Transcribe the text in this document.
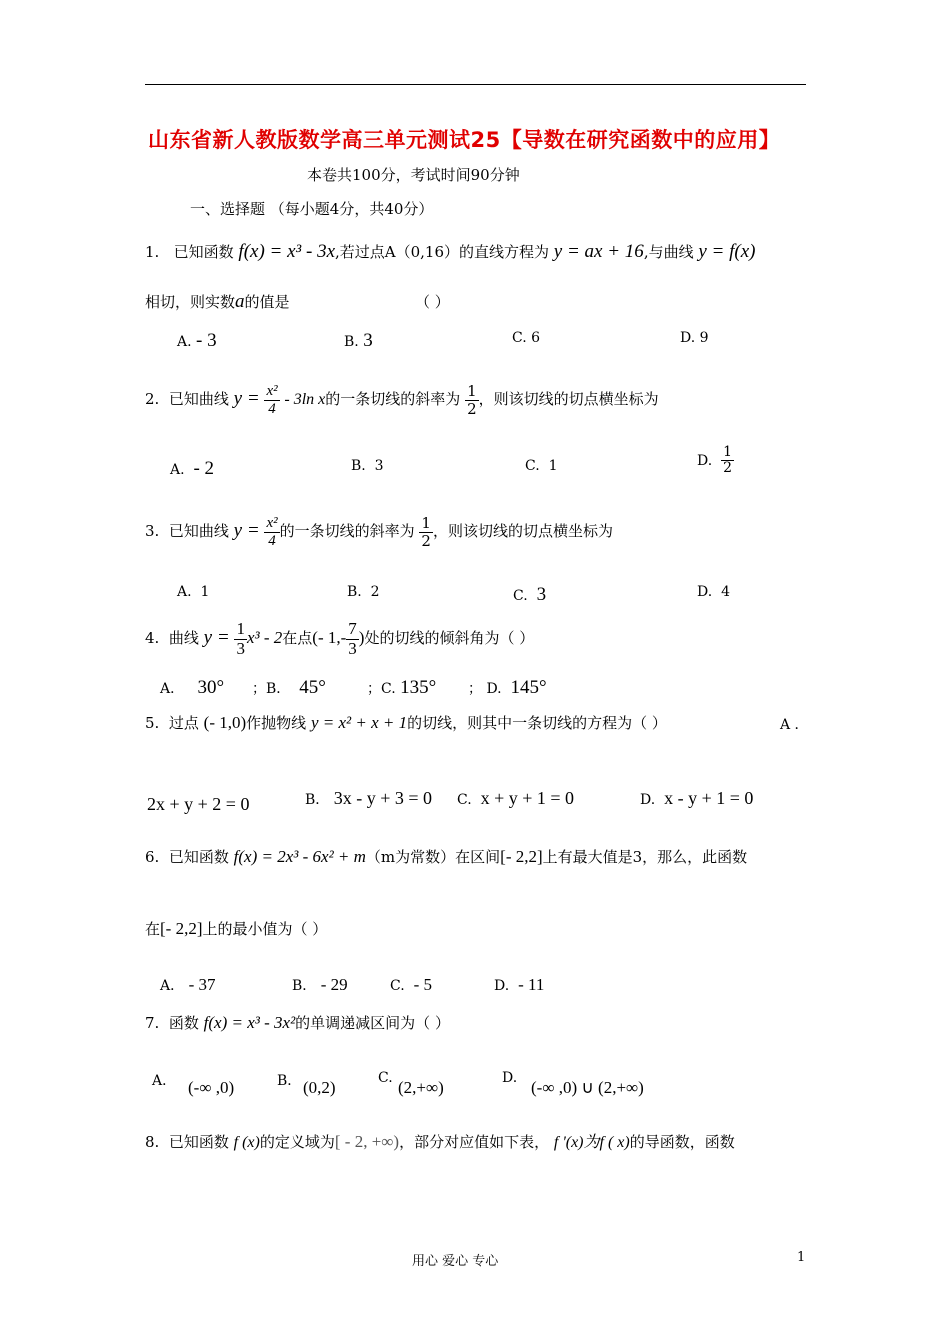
山东省新人教版数学高三单元测试25【导数在研究函数中的应用】
本卷共100分，考试时间90分钟
一、选择题 （每小题4分，共40分）
1. 已知函数 f(x) = x³ - 3x,若过点A（0,16）的直线方程为 y = ax + 16,与曲线 y = f(x)
相切，则实数a的值是	（ ）
A. - 3	B. 3	C. 6	D. 9
2. 已知曲线 $y = \frac{\text{x²}}{4} - 3\ln$ x的一条切线的斜率为 $\frac{1}{2}$ ，则该切线的切点横坐标为
A. - 2	B. 3	C. 1	D. $\frac{1}{2}$
3. 已知曲线 $y = \frac{\text{x²}}{4}$ 的一条切线的斜率为 $\frac{1}{2}$ ，则该切线的切点横坐标为
A. 1	B. 2	C. 3	D. 4
4. 曲线 $y = \frac{1}{3} x^3 - 2$在点(- $1,- \frac{7}{3}$ )处的切线的倾斜角为（ ）
A． 30° ；B． 45°	；C. 135° ； D. 145°
5. 过点 (- 1,0)作抛物线 y = x² + x + 1的切线，则其中一条切线的方程为（ ）	A ．
2x + y + 2 = 0	B． 3x - y + 3 = 0 C. x + y + 1 = 0	D. x - y + 1 = 0
6. 已知函数 f(x) = 2x³ - 6x² + m（m为常数）在区间[- 2,2]上有最大值是3，那么，此函数
在[- 2,2]上的最小值为（ ）
A． - 37	B． - 29	C. - 5	D. - 11
7. 函数 f(x) = x³ - 3x²的单调递减区间为（ ）
A． (-∞ ,0)	B． (0,2)	C. (2,+∞)	D. (-∞ ,0) ∪ (2,+∞)
8. 已知函数 f (x)的定义域为[ - 2, +∞)，部分对应值如下表， f '(x)为f ( x)的导函数，函数
用心 爱心 专心	1
